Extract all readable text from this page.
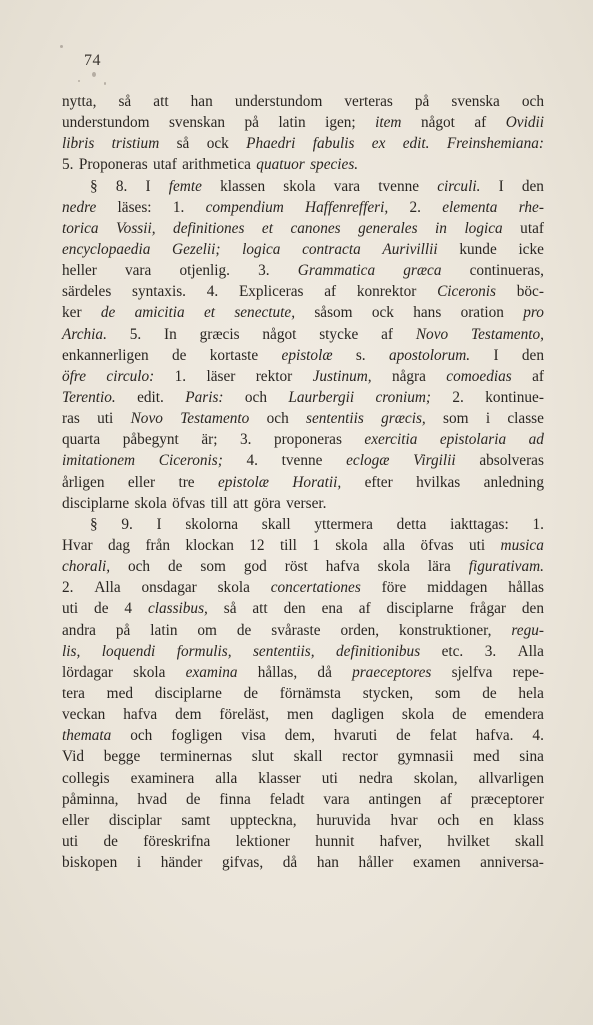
74
nytta, så att han understundom verteras på svenska och
understundom svenskan på latin igen; item något af Ovidii
libris tristium så ock Phaedri fabulis ex edit. Freinshemiana:
5. Proponeras utaf arithmetica quatuor species.
§ 8. I femte klassen skola vara tvenne circuli. I den
nedre läses: 1. compendium Haffenrefferi, 2. elementa rhe-
torica Vossii, definitiones et canones generales in logica utaf
encyclopaedia Gezelii; logica contracta Aurivillii kunde icke
heller vara otjenlig. 3. Grammatica græca continueras,
särdeles syntaxis. 4. Expliceras af konrektor Ciceronis böc-
ker de amicitia et senectute, såsom ock hans oration pro
Archia. 5. In græcis något stycke af Novo Testamento,
enkannerligen de kortaste epistolæ s. apostolorum. I den
öfre circulo: 1. läser rektor Justinum, några comoedias af
Terentio. edit. Paris: och Laurbergii cronium; 2. kontinue-
ras uti Novo Testamento och sententiis græcis, som i classe
quarta påbegynt är; 3. proponeras exercitia epistolaria ad
imitationem Ciceronis; 4. tvenne eclogæ Virgilii absolveras
årligen eller tre epistolæ Horatii, efter hvilkas anledning
disciplarne skola öfvas till att göra verser.
§ 9. I skolorna skall yttermera detta iakttagas: 1.
Hvar dag från klockan 12 till 1 skola alla öfvas uti musica
chorali, och de som god röst hafva skola lära figurativam.
2. Alla onsdagar skola concertationes före middagen hållas
uti de 4 classibus, så att den ena af disciplarne frågar den
andra på latin om de svåraste orden, konstruktioner, regu-
lis, loquendi formulis, sententiis, definitionibus etc. 3. Alla
lördagar skola examina hållas, då praeceptores sjelfva repe-
tera med disciplarne de förnämsta stycken, som de hela
veckan hafva dem föreläst, men dagligen skola de emendera
themata och fogligen visa dem, hvaruti de felat hafva. 4.
Vid begge terminernas slut skall rector gymnasii med sina
collegis examinera alla klasser uti nedra skolan, allvarligen
påminna, hvad de finna feladt vara antingen af præceptorer
eller disciplar samt uppteckna, huruvida hvar och en klass
uti de föreskrifna lektioner hunnit hafver, hvilket skall
biskopen i händer gifvas, då han håller examen anniversa-
